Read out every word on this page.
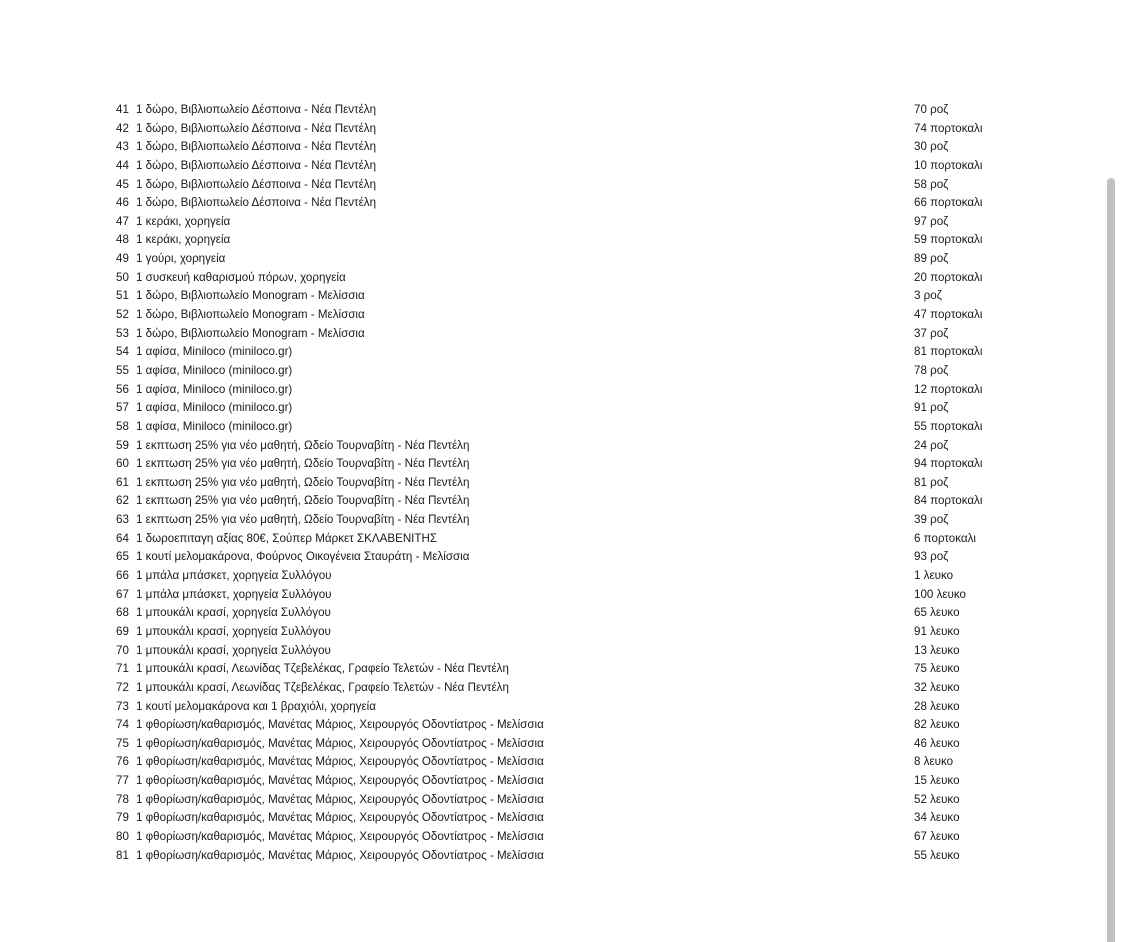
41 1 δώρο, Βιβλιοπωλείο Δέσποινα - Νέα Πεντέλη	70 ροζ
42 1 δώρο, Βιβλιοπωλείο Δέσποινα - Νέα Πεντέλη	74 πορτοκαλι
43 1 δώρο, Βιβλιοπωλείο Δέσποινα - Νέα Πεντέλη	30 ροζ
44 1 δώρο, Βιβλιοπωλείο Δέσποινα - Νέα Πεντέλη	10 πορτοκαλι
45 1 δώρο, Βιβλιοπωλείο Δέσποινα - Νέα Πεντέλη	58 ροζ
46 1 δώρο, Βιβλιοπωλείο Δέσποινα - Νέα Πεντέλη	66 πορτοκαλι
47 1 κεράκι, χορηγεία	97 ροζ
48 1 κεράκι, χορηγεία	59 πορτοκαλι
49 1 γούρι, χορηγεία	89 ροζ
50 1 συσκευή καθαρισμού πόρων, χορηγεία	20 πορτοκαλι
51 1 δώρο, Βιβλιοπωλείο Monogram - Μελίσσια	3 ροζ
52 1 δώρο, Βιβλιοπωλείο Monogram - Μελίσσια	47 πορτοκαλι
53 1 δώρο, Βιβλιοπωλείο Monogram - Μελίσσια	37 ροζ
54 1 αφίσα, Miniloco (miniloco.gr)	81 πορτοκαλι
55 1 αφίσα, Miniloco (miniloco.gr)	78 ροζ
56 1 αφίσα, Miniloco (miniloco.gr)	12 πορτοκαλι
57 1 αφίσα, Miniloco (miniloco.gr)	91 ροζ
58 1 αφίσα, Miniloco (miniloco.gr)	55 πορτοκαλι
59 1 εκπτωση 25% για νέο μαθητή, Ωδείο Τουρναβίτη - Νέα Πεντέλη	24 ροζ
60 1 εκπτωση 25% για νέο μαθητή, Ωδείο Τουρναβίτη - Νέα Πεντέλη	94 πορτοκαλι
61 1 εκπτωση 25% για νέο μαθητή, Ωδείο Τουρναβίτη - Νέα Πεντέλη	81 ροζ
62 1 εκπτωση 25% για νέο μαθητή, Ωδείο Τουρναβίτη - Νέα Πεντέλη	84 πορτοκαλι
63 1 εκπτωση 25% για νέο μαθητή, Ωδείο Τουρναβίτη - Νέα Πεντέλη	39 ροζ
64 1 δωροεπιταγη αξίας 80€, Σούπερ Μάρκετ ΣΚΛΑΒΕΝΙΤΗΣ	6 πορτοκαλι
65 1 κουτί μελομακάρονα, Φούρνος Οικογένεια Σταυράτη - Μελίσσια	93 ροζ
66 1 μπάλα μπάσκετ, χορηγεία Συλλόγου	1 λευκο
67 1 μπάλα μπάσκετ, χορηγεία Συλλόγου	100 λευκο
68 1 μπουκάλι κρασί, χορηγεία Συλλόγου	65 λευκο
69 1 μπουκάλι κρασί, χορηγεία Συλλόγου	91 λευκο
70 1 μπουκάλι κρασί, χορηγεία Συλλόγου	13 λευκο
71 1 μπουκάλι κρασί, Λεωνίδας Τζεβελέκας, Γραφείο Τελετών - Νέα Πεντέλη	75 λευκο
72 1 μπουκάλι κρασί, Λεωνίδας Τζεβελέκας, Γραφείο Τελετών - Νέα Πεντέλη	32 λευκο
73 1 κουτί μελομακάρονα και 1 βραχιόλι, χορηγεία	28 λευκο
74 1 φθορίωση/καθαρισμός, Μανέτας Μάριος, Χειρουργός Οδοντίατρος - Μελίσσια	82 λευκο
75 1 φθορίωση/καθαρισμός, Μανέτας Μάριος, Χειρουργός Οδοντίατρος - Μελίσσια	46 λευκο
76 1 φθορίωση/καθαρισμός, Μανέτας Μάριος, Χειρουργός Οδοντίατρος - Μελίσσια	8 λευκο
77 1 φθορίωση/καθαρισμός, Μανέτας Μάριος, Χειρουργός Οδοντίατρος - Μελίσσια	15 λευκο
78 1 φθορίωση/καθαρισμός, Μανέτας Μάριος, Χειρουργός Οδοντίατρος - Μελίσσια	52 λευκο
79 1 φθορίωση/καθαρισμός, Μανέτας Μάριος, Χειρουργός Οδοντίατρος - Μελίσσια	34 λευκο
80 1 φθορίωση/καθαρισμός, Μανέτας Μάριος, Χειρουργός Οδοντίατρος - Μελίσσια	67 λευκο
81 1 φθορίωση/καθαρισμός, Μανέτας Μάριος, Χειρουργός Οδοντίατρος - Μελίσσια	55 λευκο
